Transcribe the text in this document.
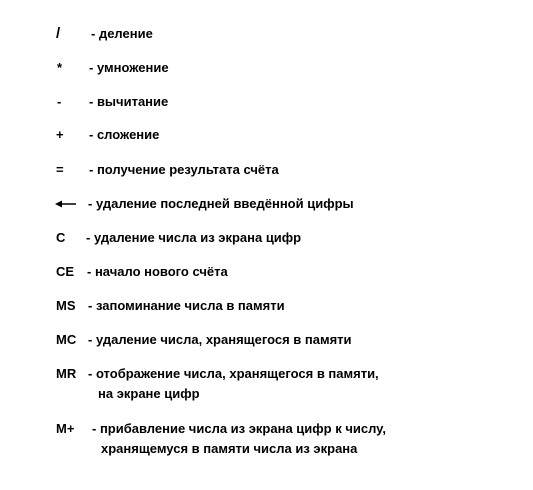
/ - деление
* - умножение
- - вычитание
+ - сложение
= - получение результата счёта
- удаление последней введённой цифры
C - удаление числа из экрана цифр
CE - начало нового счёта
MS - запоминание числа в памяти
MC - удаление числа, хранящегося в памяти
MR - отображение числа, хранящегося в памяти,
на экране цифр
M+ - прибавление числа из экрана цифр к числу,
хранящемуся в памяти числа из экрана
